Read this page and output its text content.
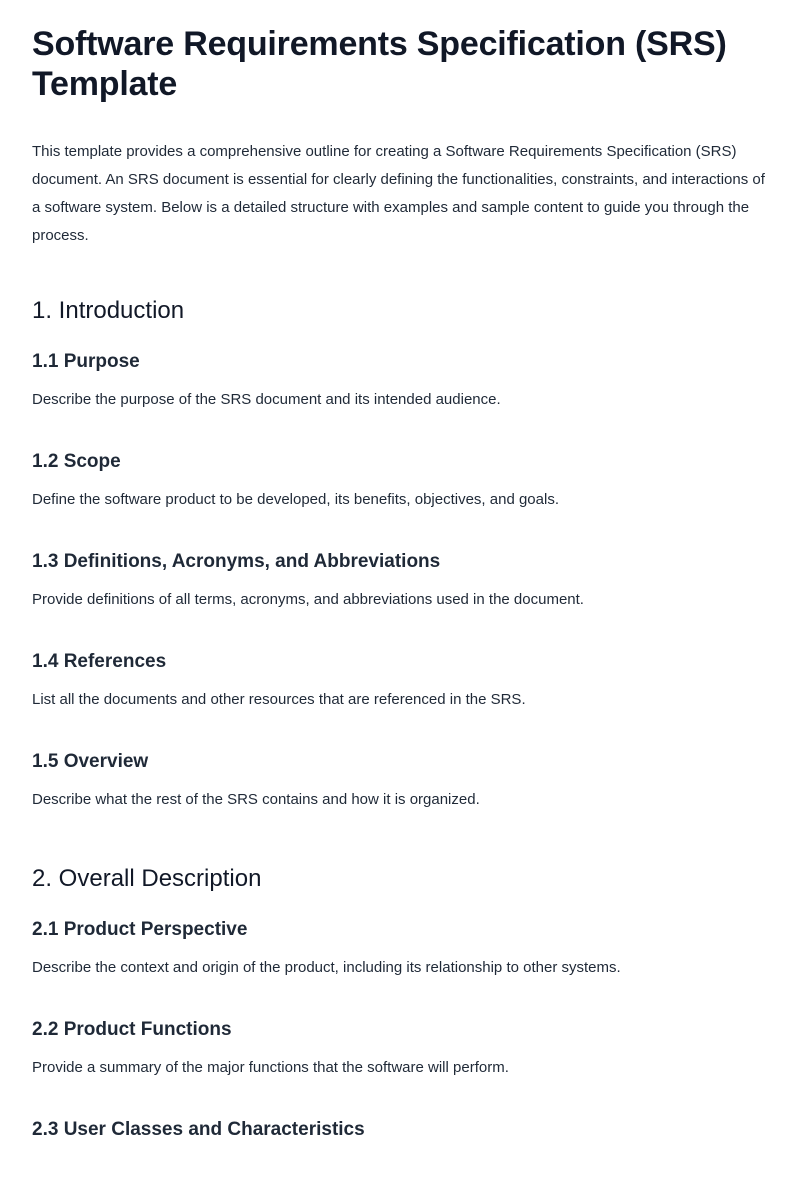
Software Requirements Specification (SRS) Template

This template provides a comprehensive outline for creating a Software Requirements Specification (SRS) document. An SRS document is essential for clearly defining the functionalities, constraints, and interactions of a software system. Below is a detailed structure with examples and sample content to guide you through the process.

1. Introduction
1.1 Purpose

Describe the purpose of the SRS document and its intended audience.

1.2 Scope

Define the software product to be developed, its benefits, objectives, and goals.

1.3 Definitions, Acronyms, and Abbreviations

Provide definitions of all terms, acronyms, and abbreviations used in the document.

1.4 References

List all the documents and other resources that are referenced in the SRS.

1.5 Overview

Describe what the rest of the SRS contains and how it is organized.

2. Overall Description
2.1 Product Perspective

Describe the context and origin of the product, including its relationship to other systems.

2.2 Product Functions

Provide a summary of the major functions that the software will perform.

2.3 User Classes and Characteristics
